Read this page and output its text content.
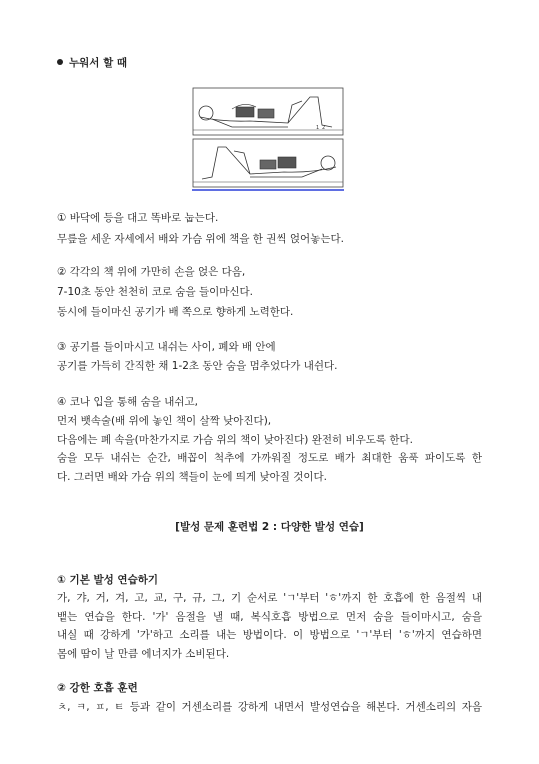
누워서 할 때
1 2
① 바닥에 등을 대고 똑바로 눕는다.
무릎을 세운 자세에서 배와 가슴 위에 책을 한 권씩 얹어놓는다.
② 각각의 책 위에 가만히 손을 얹은 다음,
7-10초 동안 천천히 코로 숨을 들이마신다.
동시에 들이마신 공기가 배 쪽으로 향하게 노력한다.
③ 공기를 들이마시고 내쉬는 사이, 폐와 배 안에
공기를 가득히 간직한 채 1-2초 동안 숨을 멈추었다가 내쉰다.
④ 코나 입을 통해 숨을 내쉬고,
먼저 뱃속술(배 위에 놓인 책이 살짝 낮아진다),
다음에는 폐 속을(마찬가지로 가슴 위의 책이 낮아진다) 완전히 비우도록 한다.
숨을 모두 내쉬는 순간, 배꼽이 척추에 가까워질 정도로 배가 최대한 움푹 파이도록 한
다. 그러면 배와 가슴 위의 책들이 눈에 띄게 낮아질 것이다.
[발성 문제 훈련법 2 : 다양한 발성 연습]
① 기본 발성 연습하기
가, 갸, 거, 겨, 고, 교, 구, 규, 그, 기 순서로 'ㄱ'부터 'ㅎ'까지 한 호흡에 한 음절씩 내
뱉는 연습을 한다. '가' 음절을 낼 때, 복식호흡 방법으로 먼저 숨을 들이마시고, 숨을
내실 때 강하게 '가'하고 소리를 내는 방법이다. 이 방법으로 'ㄱ'부터 'ㅎ'까지 연습하면
몸에 땀이 날 만큼 에너지가 소비된다.
② 강한 호흡 훈련
ㅊ, ㅋ, ㅍ, ㅌ 등과 같이 거센소리를 강하게 내면서 발성연습을 해본다. 거센소리의 자음
